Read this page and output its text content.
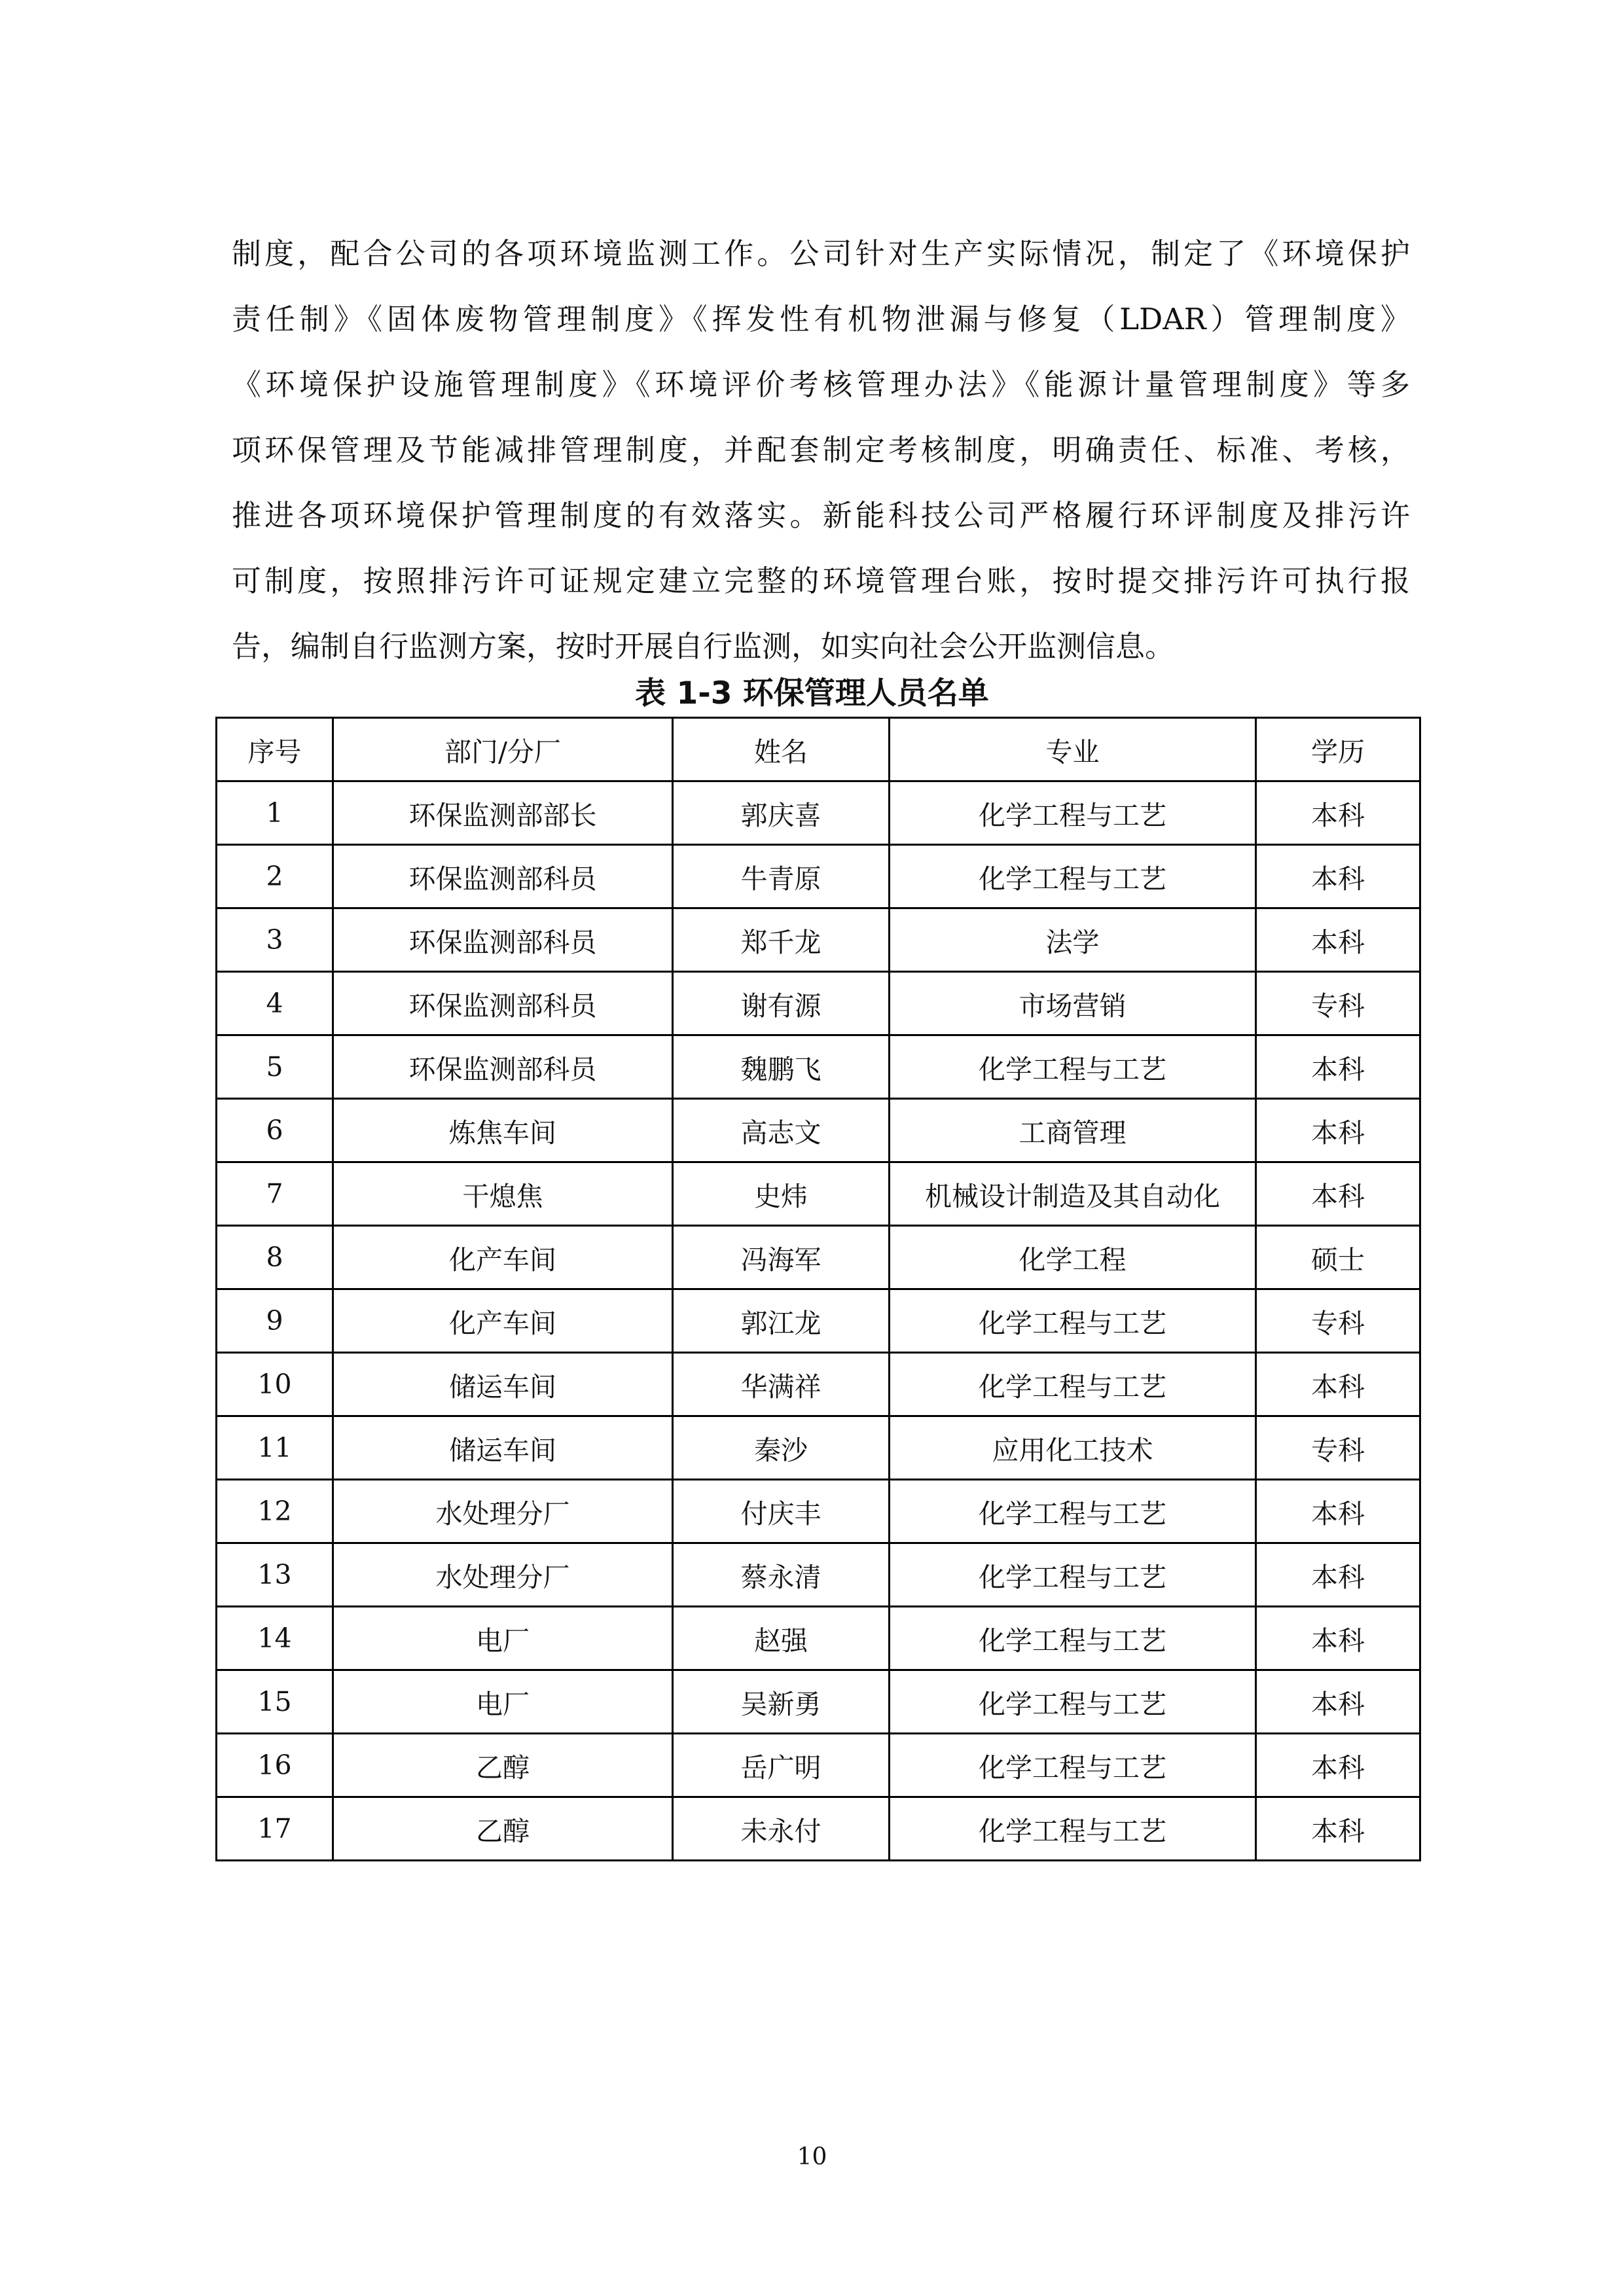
制度，配合公司的各项环境监测工作。公司针对生产实际情况，制定了《环境保护
责任制》《固体废物管理制度》《挥发性有机物泄漏与修复（LDAR）管理制度》
《环境保护设施管理制度》《环境评价考核管理办法》《能源计量管理制度》等多
项环保管理及节能减排管理制度，并配套制定考核制度，明确责任、标准、考核，
推进各项环境保护管理制度的有效落实。新能科技公司严格履行环评制度及排污许
可制度，按照排污许可证规定建立完整的环境管理台账，按时提交排污许可执行报
告，编制自行监测方案，按时开展自行监测，如实向社会公开监测信息。

表 1-3 环保管理人员名单
序号	部门/分厂	姓名	专业	学历
1	环保监测部部长	郭庆喜	化学工程与工艺	本科
2	环保监测部科员	牛青原	化学工程与工艺	本科
3	环保监测部科员	郑千龙	法学	本科
4	环保监测部科员	谢有源	市场营销	专科
5	环保监测部科员	魏鹏飞	化学工程与工艺	本科
6	炼焦车间	高志文	工商管理	本科
7	干熄焦	史炜	机械设计制造及其自动化	本科
8	化产车间	冯海军	化学工程	硕士
9	化产车间	郭江龙	化学工程与工艺	专科
10	储运车间	华满祥	化学工程与工艺	本科
11	储运车间	秦沙	应用化工技术	专科
12	水处理分厂	付庆丰	化学工程与工艺	本科
13	水处理分厂	蔡永清	化学工程与工艺	本科
14	电厂	赵强	化学工程与工艺	本科
15	电厂	吴新勇	化学工程与工艺	本科
16	乙醇	岳广明	化学工程与工艺	本科
17	乙醇	未永付	化学工程与工艺	本科
10
